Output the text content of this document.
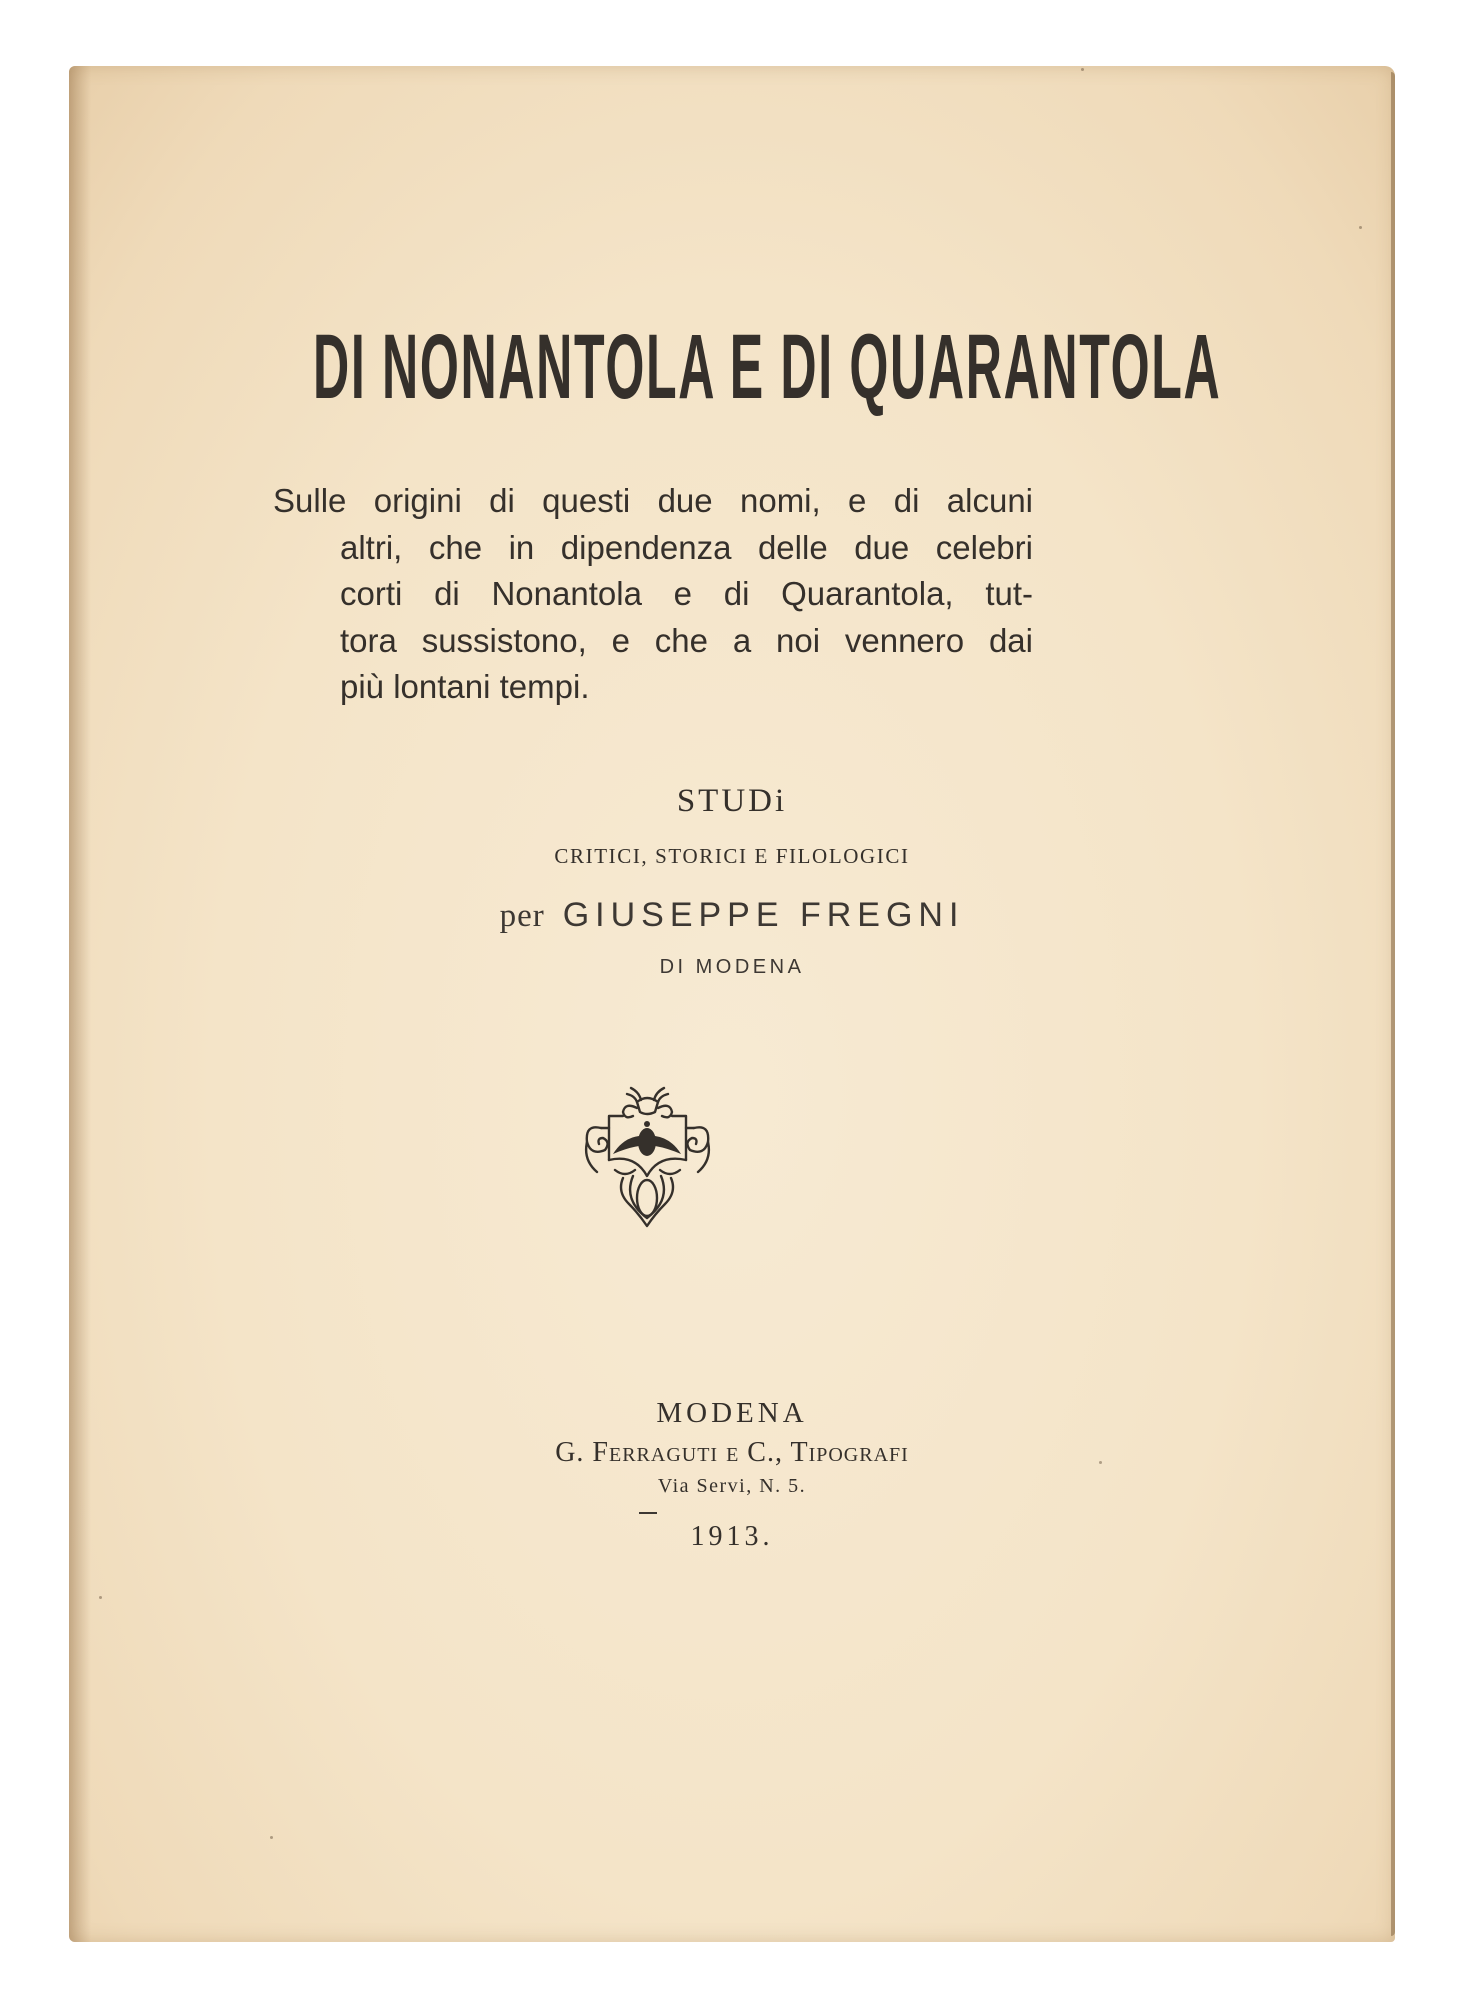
DI NONANTOLA E DI QUARANTOLA
Sulle origini di questi due nomi, e di alcuni
altri, che in dipendenza delle due celebri
corti di Nonantola e di Quarantola, tut-
tora sussistono, e che a noi vennero dai
più lontani tempi.
STUDi
CRITICI, STORICI E FILOLOGICI
per GIUSEPPE FREGNI
DI MODENA
MODENA
G. Ferraguti e C., Tipografi
Via Servi, N. 5.
1913.
